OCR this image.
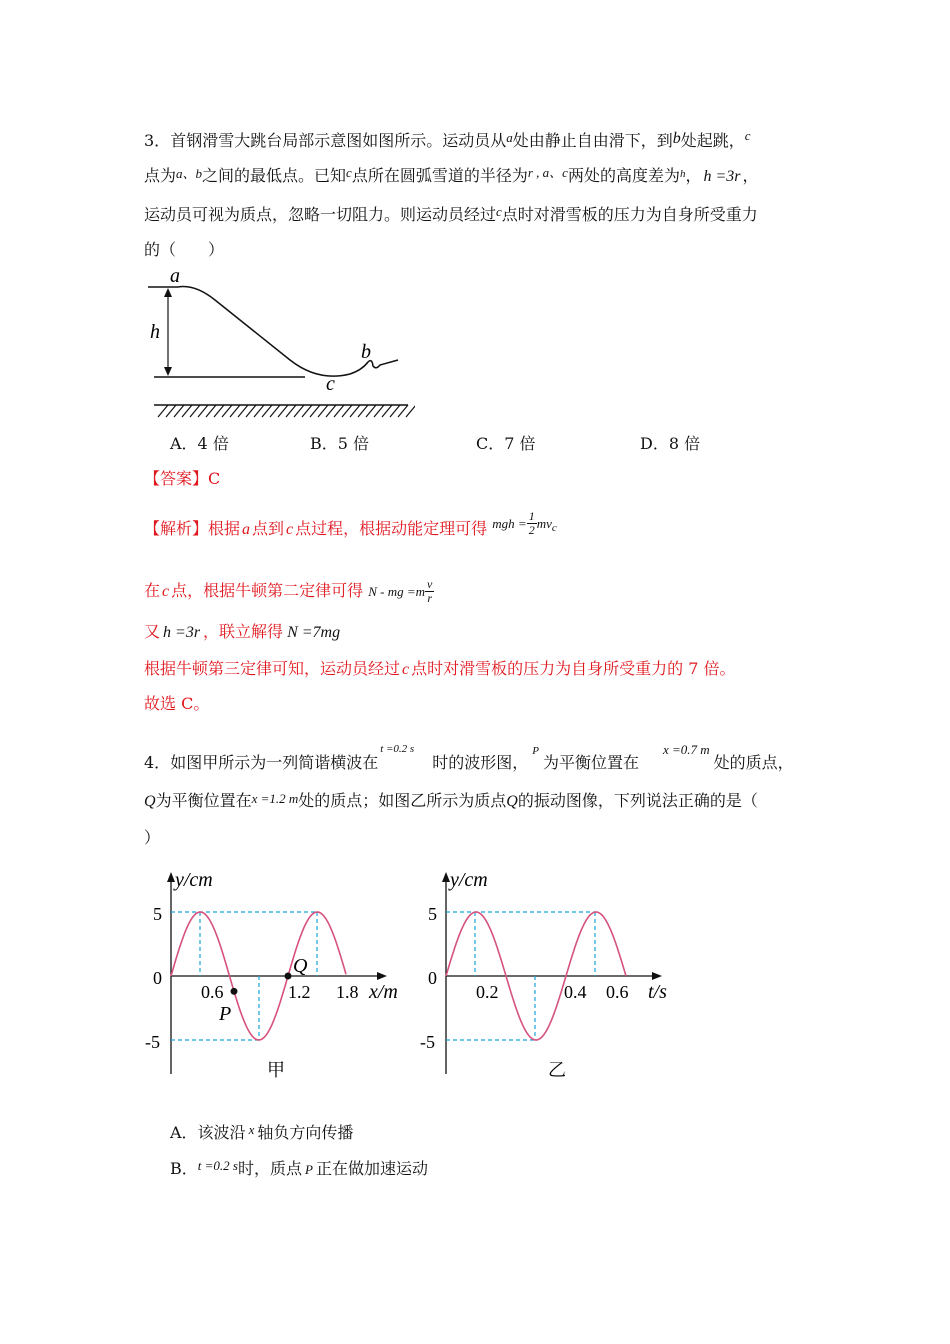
3．首钢滑雪大跳台局部示意图如图所示。运动员从$^a$处由静止自由滑下，到b处起跳，$^c$
点为a、b之间的最低点。已知$^c$点所在圆弧雪道的半径为$^{r , a、c}$两处的高度差为$^h$， h =3r ，
运动员可视为质点，忽略一切阻力。则运动员经过$^c$点时对滑雪板的压力为自身所受重力
的（　　）
a
h
b
c
A．4 倍	B．5 倍	C．7 倍	D．8 倍
【答案】C
【解析】根据 a 点到 c 点过程，根据动能定理可得 mgh = $\frac{1}{2}$ mvc
在 c 点，根据牛顿第二定律可得 N - mg $=m \frac{v}{r}$
又 h =3r ，联立解得 N =7mg
根据牛顿第三定律可知，运动员经过 c 点时对滑雪板的压力为自身所受重力的 7 倍。
故选 C。
4．如图甲所示为一列简谐横波在$^{t =0.2 s}$时的波形图，$^P$为平衡位置在$^{x =0.7 m}$处的质点，
Q为平衡位置在x =1.2 m处的质点；如图乙所示为质点Q的振动图像，下列说法正确的是（
）
y/cm
5
0
-5
0.6	1.2 1.8 x/m
Q
P
甲
y/cm
5
0
-5
0.2	0.4 0.6 t/s
乙
A．该波沿 $^x$ 轴负方向传播
B．$^{t =0.2 s}$时，质点 P 正在做加速运动
